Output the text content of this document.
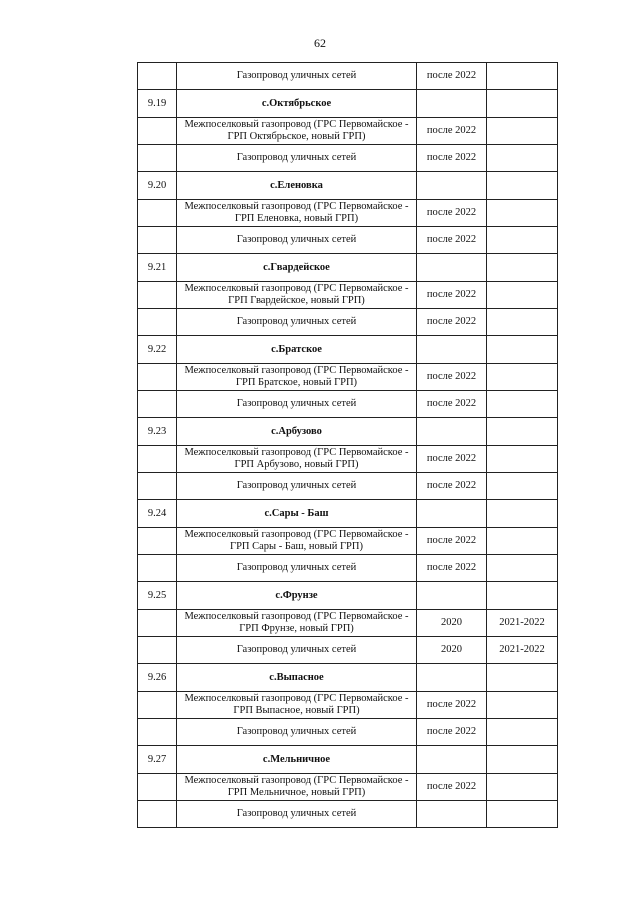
62
	Газопровод уличных сетей	после 2022	
9.19	с.Октябрьское		
	Межпоселковый газопровод (ГРС Первомайское - ГРП Октябрьское, новый ГРП)	после 2022	
	Газопровод уличных сетей	после 2022	
9.20	с.Еленовка		
	Межпоселковый газопровод (ГРС Первомайское - ГРП Еленовка, новый ГРП)	после 2022	
	Газопровод уличных сетей	после 2022	
9.21	с.Гвардейское		
	Межпоселковый газопровод (ГРС Первомайское - ГРП Гвардейское, новый ГРП)	после 2022	
	Газопровод уличных сетей	после 2022	
9.22	с.Братское		
	Межпоселковый газопровод (ГРС Первомайское - ГРП Братское, новый ГРП)	после 2022	
	Газопровод уличных сетей	после 2022	
9.23	с.Арбузово		
	Межпоселковый газопровод (ГРС Первомайское - ГРП Арбузово, новый ГРП)	после 2022	
	Газопровод уличных сетей	после 2022	
9.24	с.Сары - Баш		
	Межпоселковый газопровод (ГРС Первомайское - ГРП Сары - Баш, новый ГРП)	после 2022	
	Газопровод уличных сетей	после 2022	
9.25	с.Фрунзе		
	Межпоселковый газопровод (ГРС Первомайское - ГРП Фрунзе, новый ГРП)	2020	2021-2022
	Газопровод уличных сетей	2020	2021-2022
9.26	с.Выпасное		
	Межпоселковый газопровод (ГРС Первомайское - ГРП Выпасное, новый ГРП)	после 2022	
	Газопровод уличных сетей	после 2022	
9.27	с.Мельничное		
	Межпоселковый газопровод (ГРС Первомайское - ГРП Мельничное, новый ГРП)	после 2022	
	Газопровод уличных сетей		
